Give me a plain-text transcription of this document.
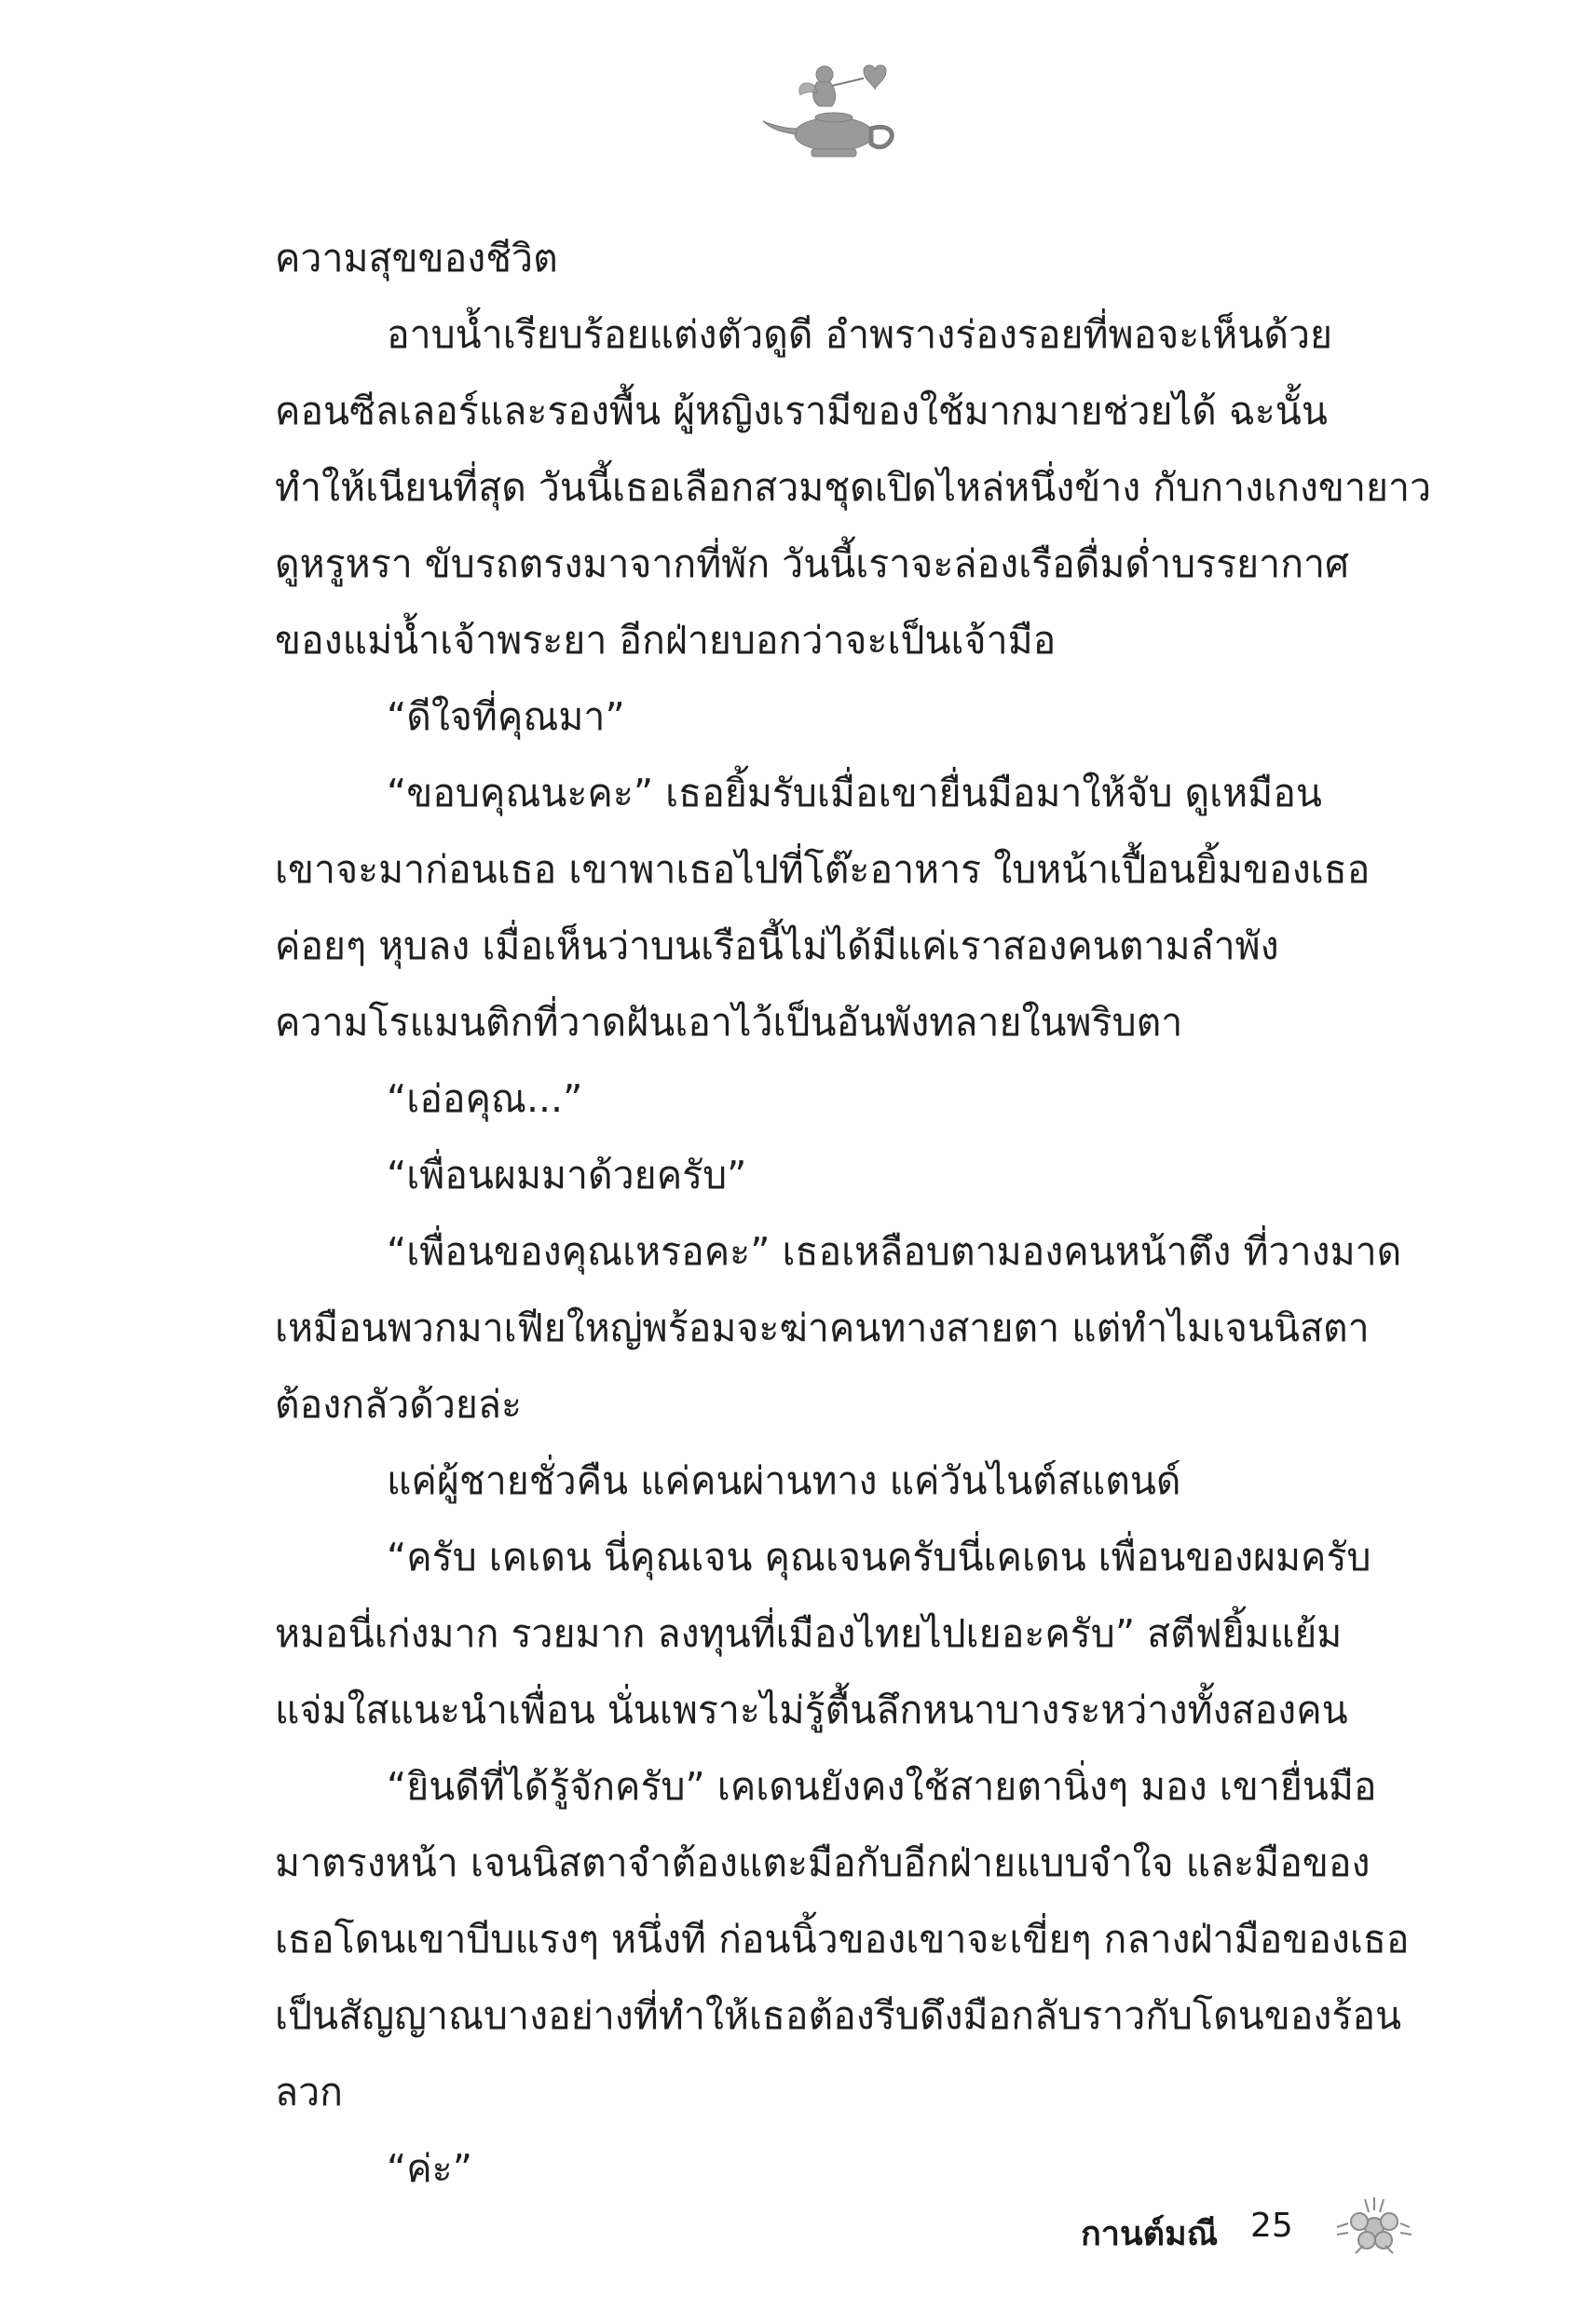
ความสุขของชีวิต

อาบน้ำเรียบร้อยแต่งตัวดูดี อำพรางร่องรอยที่พอจะเห็นด้วย

คอนซีลเลอร์และรองพื้น ผู้หญิงเรามีของใช้มากมายช่วยได้ ฉะนั้น

ทำให้เนียนที่สุด วันนี้เธอเลือกสวมชุดเปิดไหล่หนึ่งข้าง กับกางเกงขายาว

ดูหรูหรา ขับรถตรงมาจากที่พัก วันนี้เราจะล่องเรือดื่มด่ำบรรยากาศ

ของแม่น้ำเจ้าพระยา อีกฝ่ายบอกว่าจะเป็นเจ้ามือ

“ดีใจที่คุณมา”

“ขอบคุณนะคะ” เธอยิ้มรับเมื่อเขายื่นมือมาให้จับ ดูเหมือน

เขาจะมาก่อนเธอ เขาพาเธอไปที่โต๊ะอาหาร ใบหน้าเปื้อนยิ้มของเธอ

ค่อยๆ หุบลง เมื่อเห็นว่าบนเรือนี้ไม่ได้มีแค่เราสองคนตามลำพัง

ความโรแมนติกที่วาดฝันเอาไว้เป็นอันพังทลายในพริบตา

“เอ่อคุณ...”

“เพื่อนผมมาด้วยครับ”

“เพื่อนของคุณเหรอคะ” เธอเหลือบตามองคนหน้าตึง ที่วางมาด

เหมือนพวกมาเฟียใหญ่พร้อมจะฆ่าคนทางสายตา แต่ทำไมเจนนิสตา

ต้องกลัวด้วยล่ะ

แค่ผู้ชายชั่วคืน แค่คนผ่านทาง แค่วันไนต์สแตนด์

“ครับ เคเดน นี่คุณเจน คุณเจนครับนี่เคเดน เพื่อนของผมครับ

หมอนี่เก่งมาก รวยมาก ลงทุนที่เมืองไทยไปเยอะครับ” สตีฟยิ้มแย้ม

แจ่มใสแนะนำเพื่อน นั่นเพราะไม่รู้ตื้นลึกหนาบางระหว่างทั้งสองคน

“ยินดีที่ได้รู้จักครับ” เคเดนยังคงใช้สายตานิ่งๆ มอง เขายื่นมือ

มาตรงหน้า เจนนิสตาจำต้องแตะมือกับอีกฝ่ายแบบจำใจ และมือของ

เธอโดนเขาบีบแรงๆ หนึ่งที ก่อนนิ้วของเขาจะเขี่ยๆ กลางฝ่ามือของเธอ

เป็นสัญญาณบางอย่างที่ทำให้เธอต้องรีบดึงมือกลับราวกับโดนของร้อน

ลวก

“ค่ะ”

กานต์มณี 25
